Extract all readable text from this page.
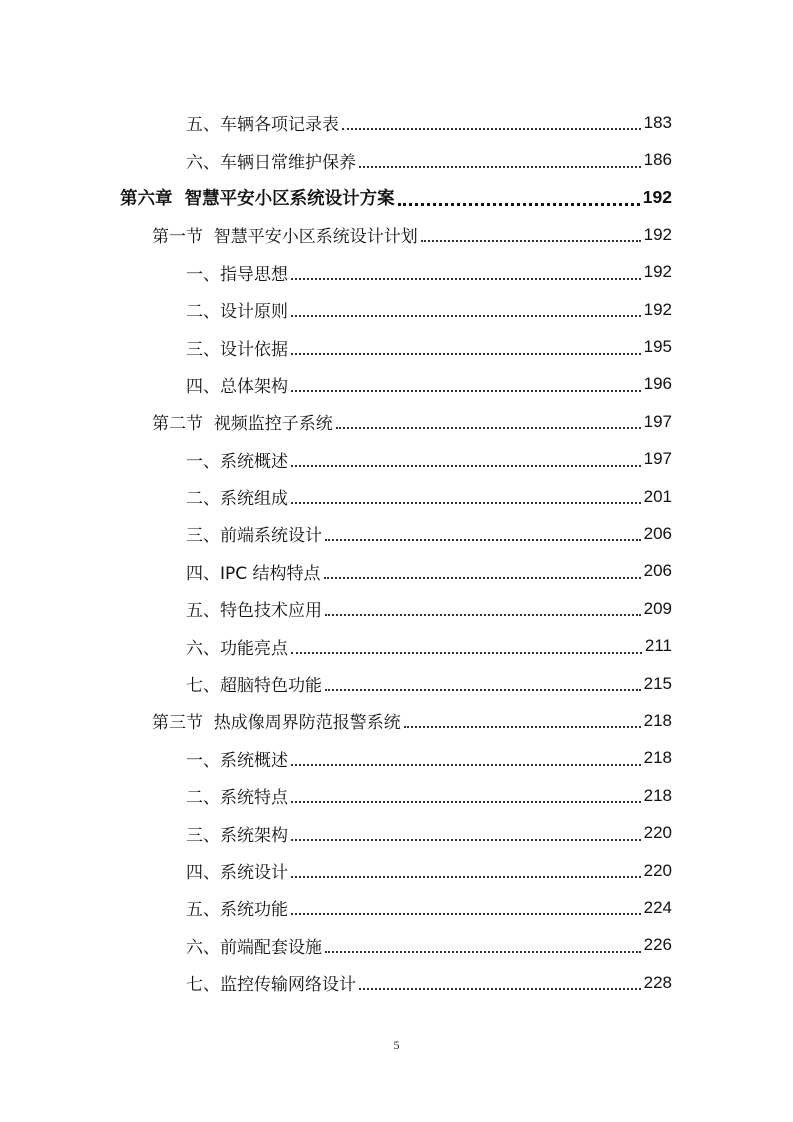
五、车辆各项记录表	183
六、车辆日常维护保养	186
第六章  智慧平安小区系统设计方案	192
第一节  智慧平安小区系统设计计划	192
一、指导思想	192
二、设计原则	192
三、设计依据	195
四、总体架构	196
第二节  视频监控子系统	197
一、系统概述	197
二、系统组成	201
三、前端系统设计	206
四、IPC 结构特点	206
五、特色技术应用	209
六、功能亮点	211
七、超脑特色功能	215
第三节  热成像周界防范报警系统	218
一、系统概述	218
二、系统特点	218
三、系统架构	220
四、系统设计	220
五、系统功能	224
六、前端配套设施	226
七、监控传输网络设计	228
5
